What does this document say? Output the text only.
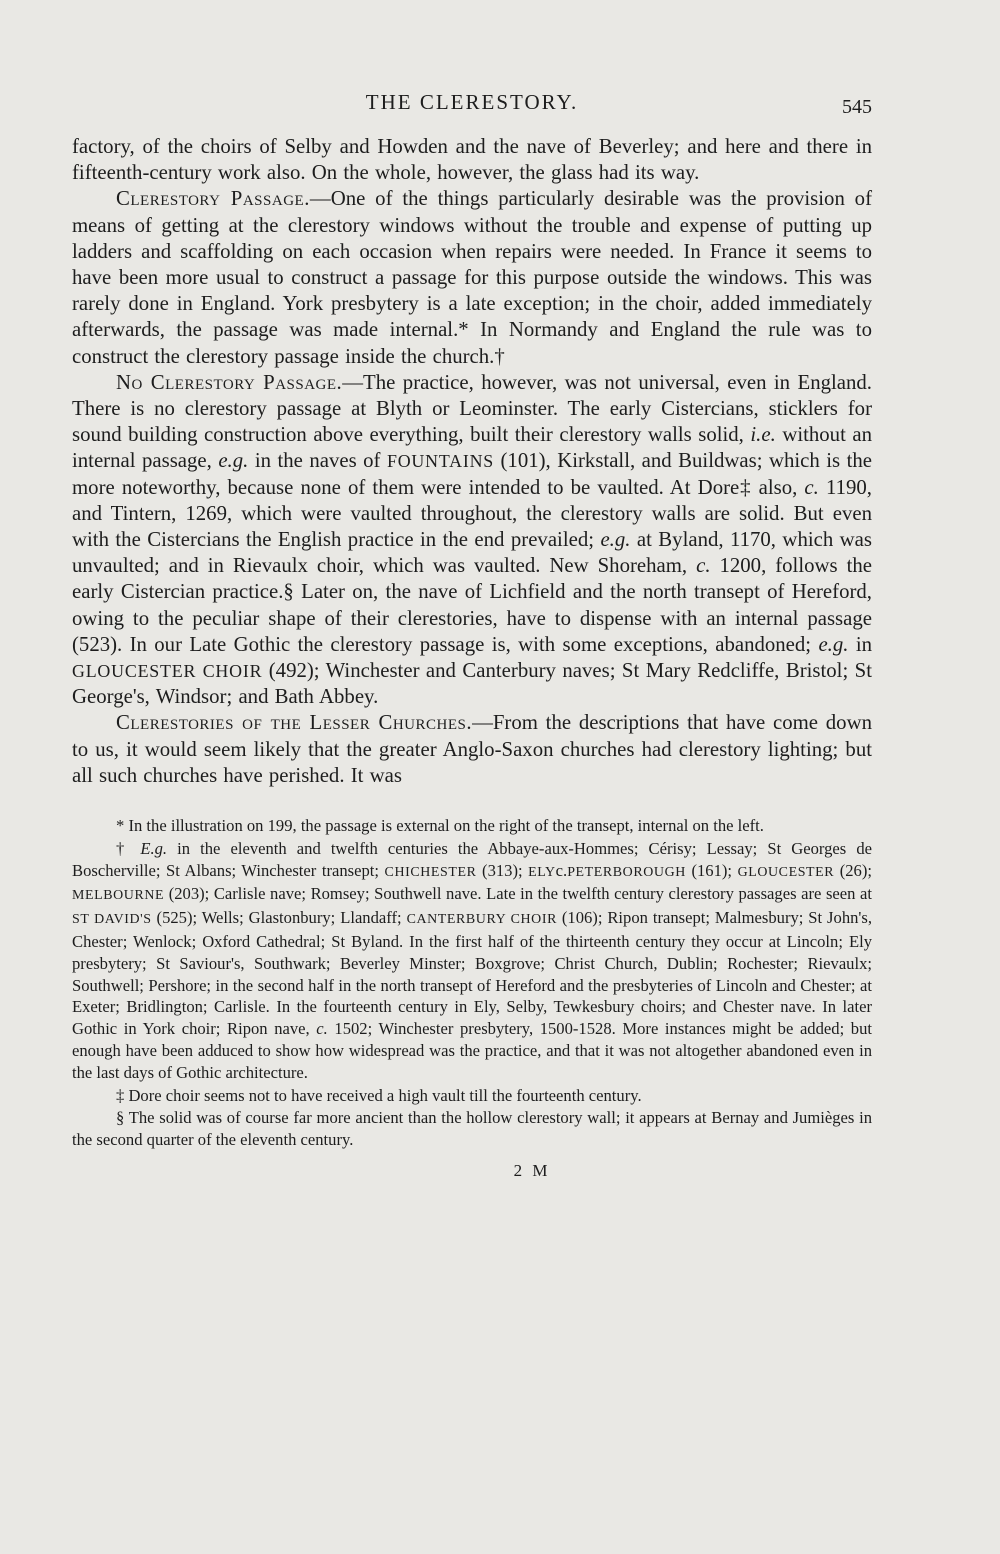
THE CLERESTORY.	545

factory, of the choirs of Selby and Howden and the nave of Beverley; and here and there in fifteenth-century work also. On the whole, however, the glass had its way.

Clerestory Passage.—One of the things particularly desirable was the provision of means of getting at the clerestory windows without the trouble and expense of putting up ladders and scaffolding on each occasion when repairs were needed. In France it seems to have been more usual to construct a passage for this purpose outside the windows. This was rarely done in England. York presbytery is a late exception; in the choir, added immediately afterwards, the passage was made internal.* In Normandy and England the rule was to construct the clerestory passage inside the church.†

No Clerestory Passage.—The practice, however, was not universal, even in England. There is no clerestory passage at Blyth or Leominster. The early Cistercians, sticklers for sound building construction above everything, built their clerestory walls solid, i.e. without an internal passage, e.g. in the naves of FOUNTAINS (101), Kirkstall, and Buildwas; which is the more noteworthy, because none of them were intended to be vaulted. At Dore‡ also, c. 1190, and Tintern, 1269, which were vaulted throughout, the clerestory walls are solid. But even with the Cistercians the English practice in the end prevailed; e.g. at Byland, 1170, which was unvaulted; and in Rievaulx choir, which was vaulted. New Shoreham, c. 1200, follows the early Cistercian practice.§ Later on, the nave of Lichfield and the north transept of Hereford, owing to the peculiar shape of their clerestories, have to dispense with an internal passage (523). In our Late Gothic the clerestory passage is, with some exceptions, abandoned; e.g. in GLOUCESTER CHOIR (492); Winchester and Canterbury naves; St Mary Redcliffe, Bristol; St George's, Windsor; and Bath Abbey.

Clerestories of the Lesser Churches.—From the descriptions that have come down to us, it would seem likely that the greater Anglo-Saxon churches had clerestory lighting; but all such churches have perished. It was

* In the illustration on 199, the passage is external on the right of the transept, internal on the left.

† E.g. in the eleventh and twelfth centuries the Abbaye-aux-Hommes; Cérisy; Lessay; St Georges de Boscherville; St Albans; Winchester transept; CHICHESTER (313); ELYc.PETERBOROUGH (161); GLOUCESTER (26); MELBOURNE (203); Carlisle nave; Romsey; Southwell nave. Late in the twelfth century clerestory passages are seen at ST DAVID'S (525); Wells; Glastonbury; Llandaff; CANTERBURY CHOIR (106); Ripon transept; Malmesbury; St John's, Chester; Wenlock; Oxford Cathedral; St Byland. In the first half of the thirteenth century they occur at Lincoln; Ely presbytery; St Saviour's, Southwark; Beverley Minster; Boxgrove; Christ Church, Dublin; Rochester; Rievaulx; Southwell; Pershore; in the second half in the north transept of Hereford and the presbyteries of Lincoln and Chester; at Exeter; Bridlington; Carlisle. In the fourteenth century in Ely, Selby, Tewkesbury choirs; and Chester nave. In later Gothic in York choir; Ripon nave, c. 1502; Winchester presbytery, 1500-1528. More instances might be added; but enough have been adduced to show how widespread was the practice, and that it was not altogether abandoned even in the last days of Gothic architecture.

‡ Dore choir seems not to have received a high vault till the fourteenth century.

§ The solid was of course far more ancient than the hollow clerestory wall; it appears at Bernay and Jumièges in the second quarter of the eleventh century.

2 M
